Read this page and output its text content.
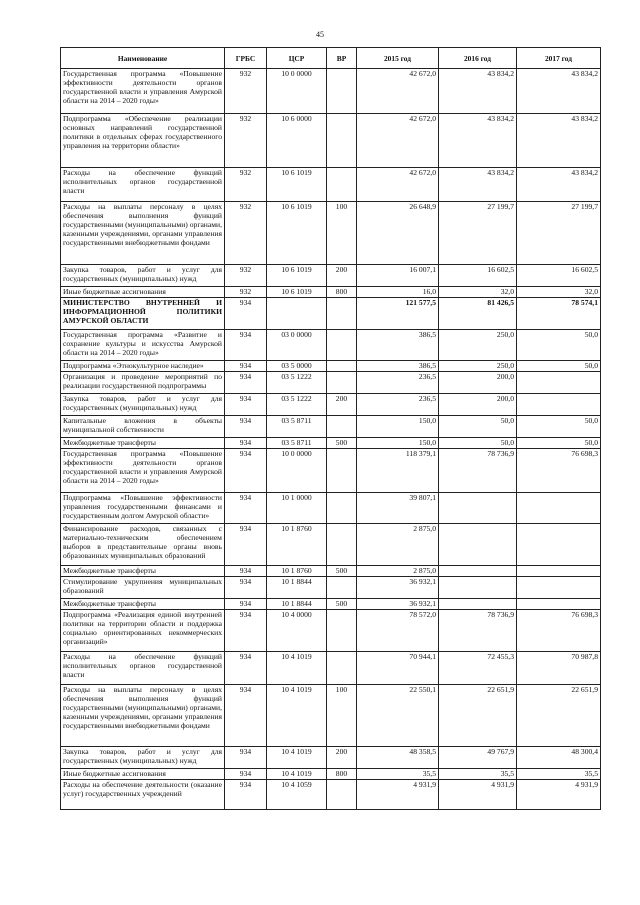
45
Наименование	ГРБС	ЦСР	ВР	2015 год	2016 год	2017 год
Государственная программа «Повышение эффективности деятельности органов государственной власти и управления Амурской области на 2014 – 2020 годы»	932	10 0 0000		42 672,0	43 834,2	43 834,2
Подпрограмма «Обеспечение реализации основных направлений государственной политики в отдельных сферах государственного управления на территории области»	932	10 6 0000		42 672,0	43 834,2	43 834,2
Расходы на обеспечение функций исполнительных органов государственной власти	932	10 6 1019		42 672,0	43 834,2	43 834,2
Расходы на выплаты персоналу в целях обеспечения выполнения функций государственными (муниципальными) органами, казенными учреждениями, органами управления государственными внебюджетными фондами	932	10 6 1019	100	26 648,9	27 199,7	27 199,7
Закупка товаров, работ и услуг для государственных (муниципальных) нужд	932	10 6 1019	200	16 007,1	16 602,5	16 602,5
Иные бюджетные ассигнования	932	10 6 1019	800	16,0	32,0	32,0
МИНИСТЕРСТВО ВНУТРЕННЕЙ И ИНФОРМАЦИОННОЙ ПОЛИТИКИ АМУРСКОЙ ОБЛАСТИ	934			121 577,5	81 426,5	78 574,1
Государственная программа «Развитие и сохранение культуры и искусства Амурской области на 2014 – 2020 годы»	934	03 0 0000		386,5	250,0	50,0
Подпрограмма «Этнокультурное наследие»	934	03 5 0000		386,5	250,0	50,0
Организация и проведение мероприятий по реализации государственной подпрограммы	934	03 5 1222		236,5	200,0	
Закупка товаров, работ и услуг для государственных (муниципальных) нужд	934	03 5 1222	200	236,5	200,0	
Капитальные вложения в объекты муниципальной собственности	934	03 5 8711		150,0	50,0	50,0
Межбюджетные трансферты	934	03 5 8711	500	150,0	50,0	50,0
Государственная программа «Повышение эффективности деятельности органов государственной власти и управления Амурской области на 2014 – 2020 годы»	934	10 0 0000		118 379,1	78 736,9	76 698,3
Подпрограмма «Повышение эффективности управления государственными финансами и государственным долгом Амурской области»	934	10 1 0000		39 807,1		
Финансирование расходов, связанных с материально-техническим обеспечением выборов в представительные органы вновь образованных муниципальных образований	934	10 1 8760		2 875,0		
Межбюджетные трансферты	934	10 1 8760	500	2 875,0		
Стимулирование укрупнения муниципальных образований	934	10 1 8844		36 932,1		
Межбюджетные трансферты	934	10 1 8844	500	36 932,1		
Подпрограмма «Реализация единой внутренней политики на территории области и поддержка социально ориентированных некоммерческих организаций»	934	10 4 0000		78 572,0	78 736,9	76 698,3
Расходы на обеспечение функций исполнительных органов государственной власти	934	10 4 1019		70 944,1	72 455,3	70 987,8
Расходы на выплаты персоналу в целях обеспечения выполнения функций государственными (муниципальными) органами, казенными учреждениями, органами управления государственными внебюджетными фондами	934	10 4 1019	100	22 550,1	22 651,9	22 651,9
Закупка товаров, работ и услуг для государственных (муниципальных) нужд	934	10 4 1019	200	48 358,5	49 767,9	48 300,4
Иные бюджетные ассигнования	934	10 4 1019	800	35,5	35,5	35,5
Расходы на обеспечение деятельности (оказание услуг) государственных учреждений	934	10 4 1059		4 931,9	4 931,9	4 931,9
